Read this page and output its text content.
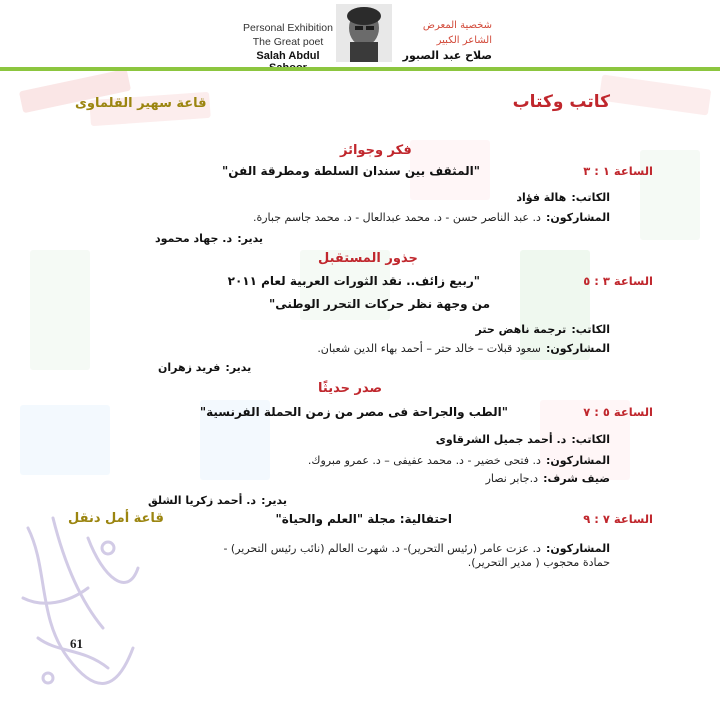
Personal Exhibition
The Great poet
Salah Abdul
شخصية المعرض
الشاعر الكبير
صلاح عبد الصبور
كاتب وكتاب
قاعة سهير القلماوى
فكر وجوائز
الساعة ١ : ٣
"المثقف بين سندان السلطة ومطرقة الفن"
الكاتب: هالة فؤاد
المشاركون: د. عبد الناصر حسن - د. محمد عبدالعال - د. محمد جاسم جبارة.
يدير: د. جهاد محمود
جذور المستقبل
الساعة ٣ : ٥
"ربيع زائف.. نقد الثورات العربية لعام ٢٠١١
من وجهة نظر حركات التحرر الوطنى"
الكاتب: ترجمة ناهض حتر
المشاركون: سعود قبلات – خالد حتر – أحمد بهاء الدين شعبان.
يدير: فريد زهران
صدر حديثًا
الساعة ٥ : ٧
"الطب والجراحة فى مصر من زمن الحملة الفرنسية"
الكاتب: د. أحمد جميل الشرقاوى
المشاركون: د. فتحى خضير - د. محمد عفيفى – د. عمرو مبروك.
ضيف شرف: د.جابر نصار
يدير: د. أحمد زكريا الشلق
الساعة ٧ : ٩
احتفالية: مجلة "العلم والحياة"
قاعة أمل دنقل
المشاركون: د. عزت عامر (رئيس التحرير)- د. شهرت العالم (نائب رئيس التحرير) -
حمادة محجوب ( مدير التحرير).
61
